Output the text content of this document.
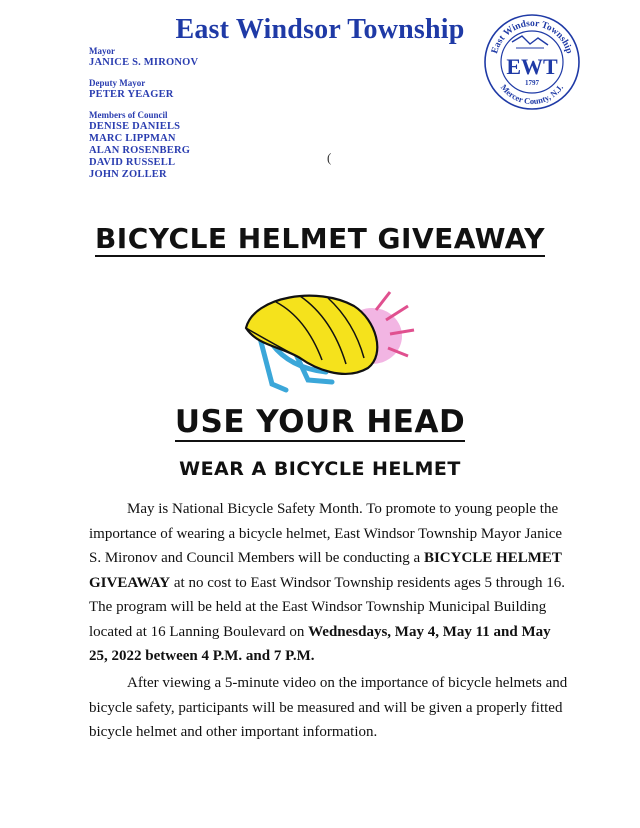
East Windsor Township
Mayor
JANICE S. MIRONOV
Deputy Mayor
PETER YEAGER
Members of Council
DENISE DANIELS
MARC LIPPMAN
ALAN ROSENBERG
DAVID RUSSELL
JOHN ZOLLER
(
East Windsor Township
Mercer County, N.J.
EWT
1797
BICYCLE HELMET GIVEAWAY
USE YOUR HEAD
WEAR A BICYCLE HELMET
May is National Bicycle Safety Month. To promote to young people the importance of wearing a bicycle helmet, East Windsor Township Mayor Janice S. Mironov and Council Members will be conducting a BICYCLE HELMET GIVEAWAY at no cost to East Windsor Township residents ages 5 through 16. The program will be held at the East Windsor Township Municipal Building located at 16 Lanning Boulevard on Wednesdays, May 4, May 11 and May 25, 2022 between 4 P.M. and 7 P.M.
After viewing a 5-minute video on the importance of bicycle helmets and bicycle safety, participants will be measured and will be given a properly fitted bicycle helmet and other important information.
